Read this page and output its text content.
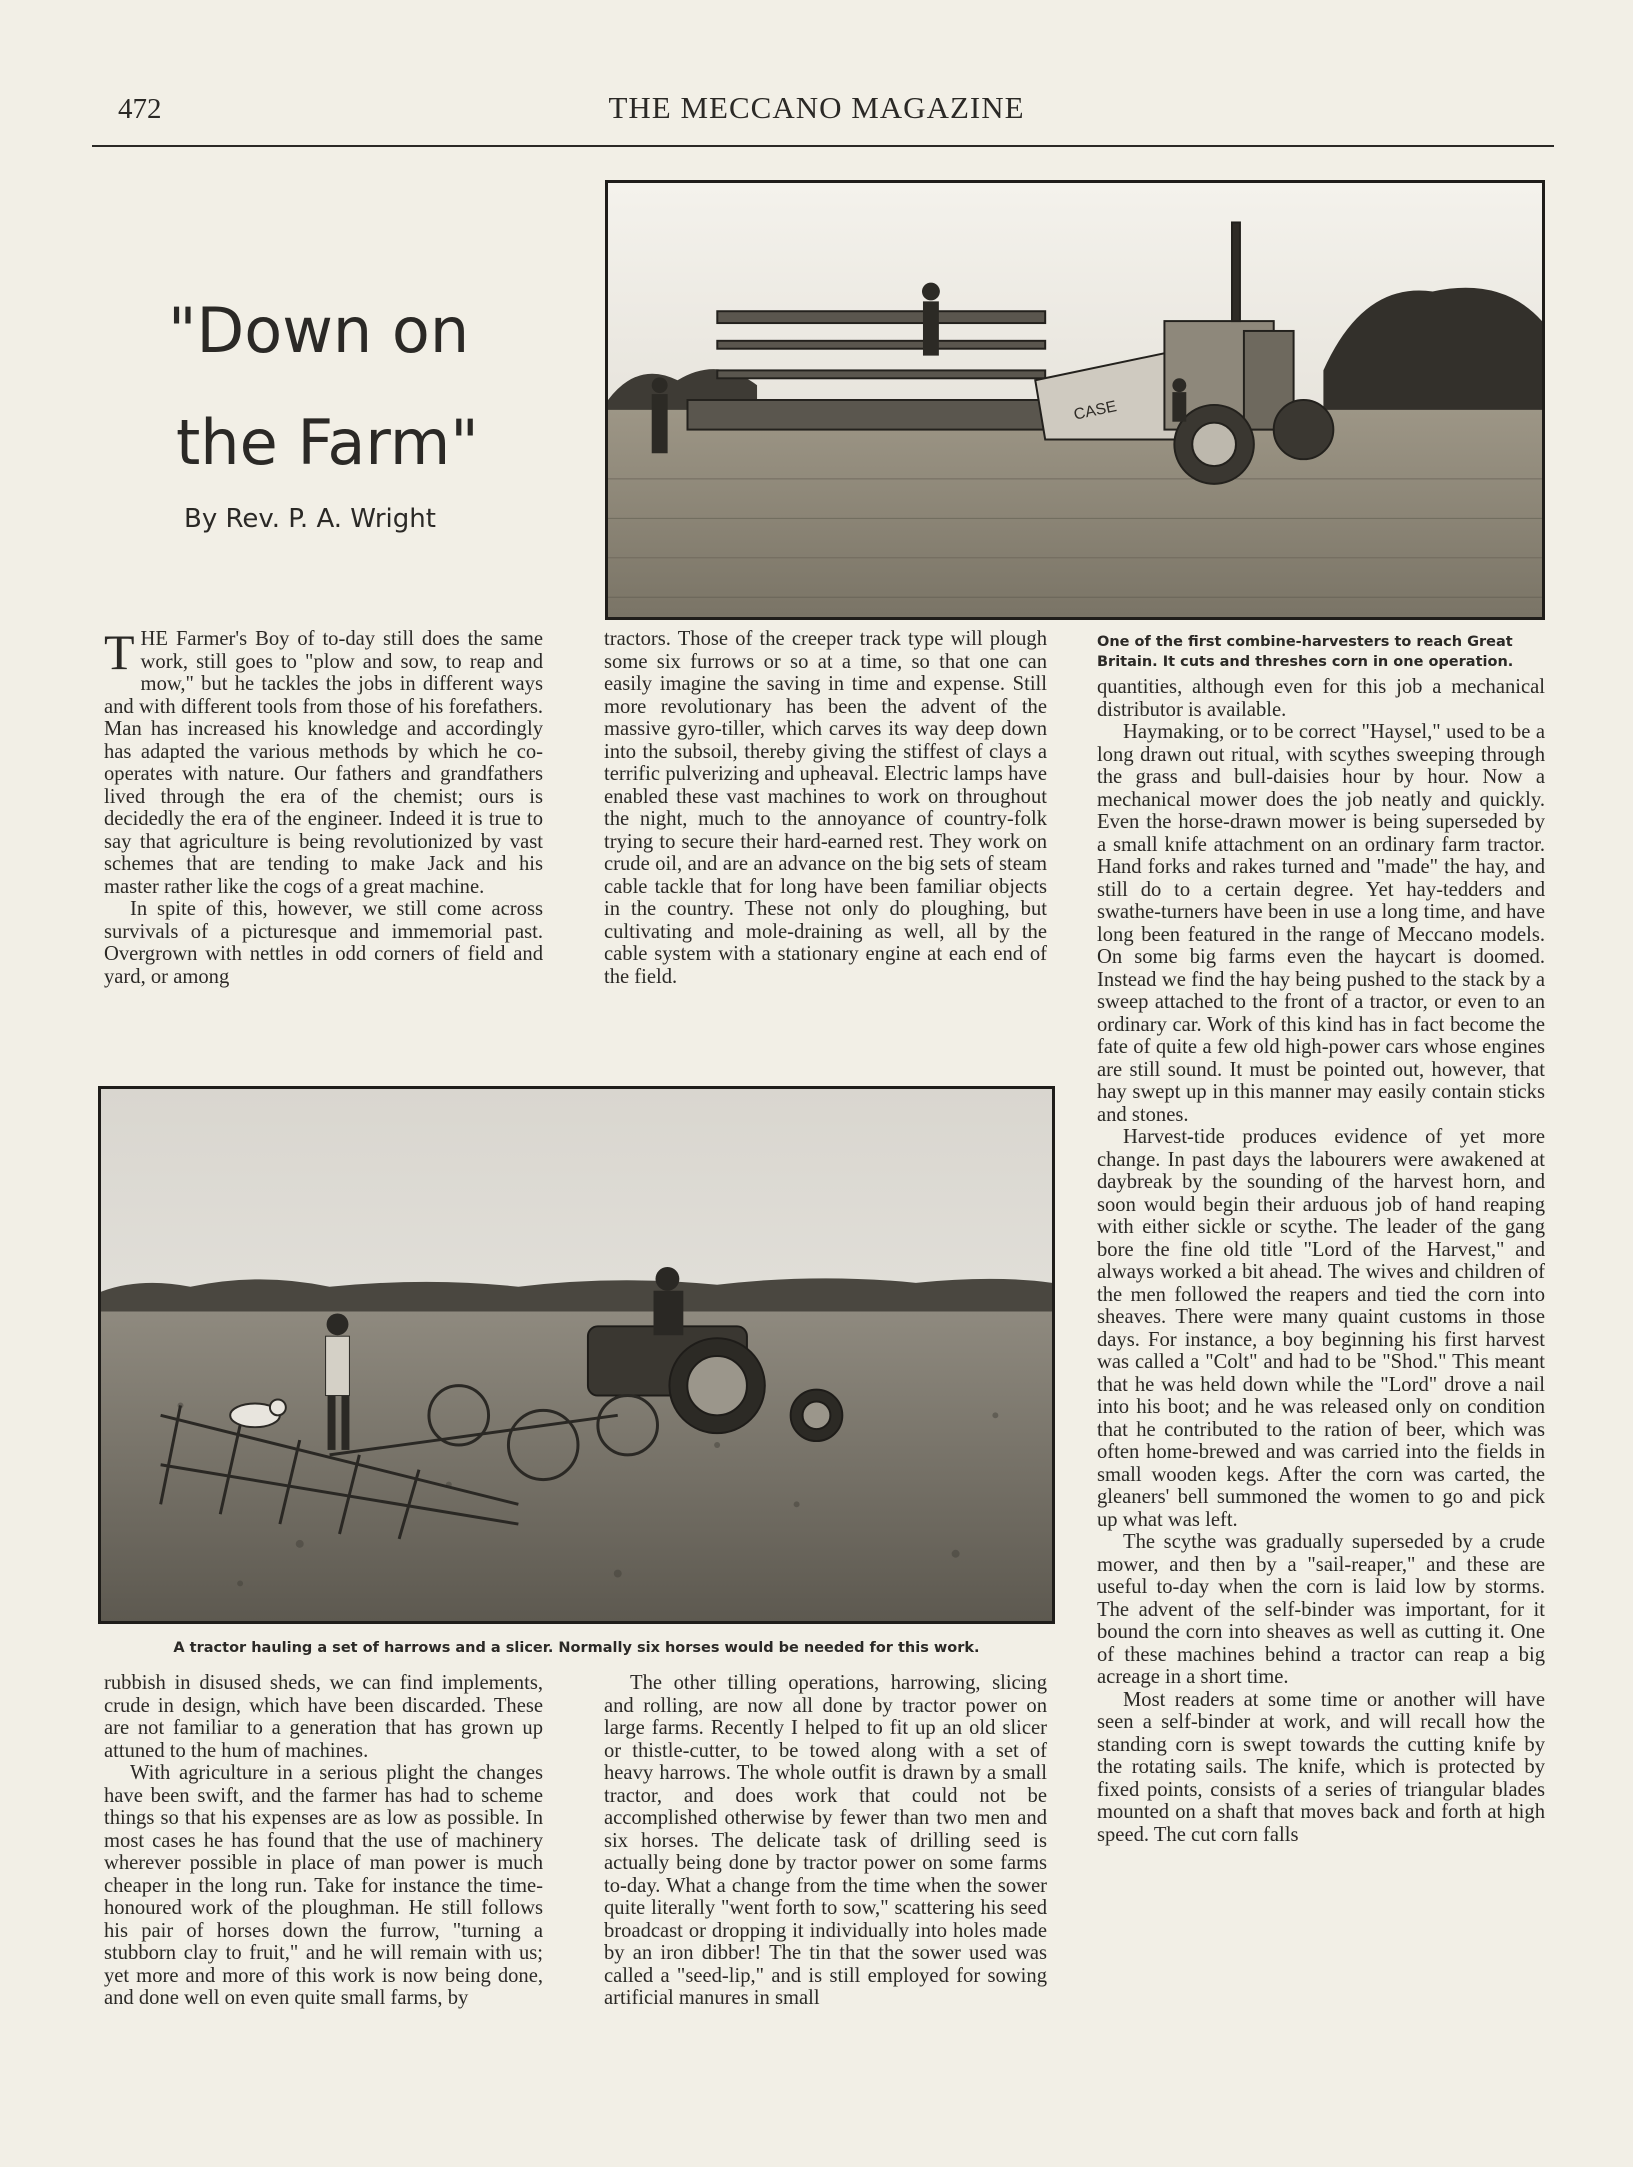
472	THE MECCANO MAGAZINE
"Down on
the Farm"
By Rev. P. A. Wright
CASE
One of the first combine-harvesters to reach Great Britain. It cuts and threshes corn in one operation.

THE Farmer's Boy of to-day still does the same work, still goes to "plow and sow, to reap and mow," but he tackles the jobs in different ways and with different tools from those of his forefathers. Man has increased his knowledge and accordingly has adapted the various methods by which he co-operates with nature. Our fathers and grandfathers lived through the era of the chemist; ours is decidedly the era of the engineer. Indeed it is true to say that agriculture is being revolutionized by vast schemes that are tending to make Jack and his master rather like the cogs of a great machine.

In spite of this, however, we still come across survivals of a picturesque and immemorial past. Overgrown with nettles in odd corners of field and yard, or among

tractors. Those of the creeper track type will plough some six furrows or so at a time, so that one can easily imagine the saving in time and expense. Still more revolutionary has been the advent of the massive gyro-tiller, which carves its way deep down into the subsoil, thereby giving the stiffest of clays a terrific pulverizing and upheaval. Electric lamps have enabled these vast machines to work on throughout the night, much to the annoyance of country-folk trying to secure their hard-earned rest. They work on crude oil, and are an advance on the big sets of steam cable tackle that for long have been familiar objects in the country. These not only do ploughing, but cultivating and mole-draining as well, all by the cable system with a stationary engine at each end of the field.

quantities, although even for this job a mechanical distributor is available.

Haymaking, or to be correct "Haysel," used to be a long drawn out ritual, with scythes sweeping through the grass and bull-daisies hour by hour. Now a mechanical mower does the job neatly and quickly. Even the horse-drawn mower is being superseded by a small knife attachment on an ordinary farm tractor. Hand forks and rakes turned and "made" the hay, and still do to a certain degree. Yet hay-tedders and swathe-turners have been in use a long time, and have long been featured in the range of Meccano models. On some big farms even the haycart is doomed. Instead we find the hay being pushed to the stack by a sweep attached to the front of a tractor, or even to an ordinary car. Work of this kind has in fact become the fate of quite a few old high-power cars whose engines are still sound. It must be pointed out, however, that hay swept up in this manner may easily contain sticks and stones.

Harvest-tide produces evidence of yet more change. In past days the labourers were awakened at daybreak by the sounding of the harvest horn, and soon would begin their arduous job of hand reaping with either sickle or scythe. The leader of the gang bore the fine old title "Lord of the Harvest," and always worked a bit ahead. The wives and children of the men followed the reapers and tied the corn into sheaves. There were many quaint customs in those days. For instance, a boy beginning his first harvest was called a "Colt" and had to be "Shod." This meant that he was held down while the "Lord" drove a nail into his boot; and he was released only on condition that he contributed to the ration of beer, which was often home-brewed and was carried into the fields in small wooden kegs. After the corn was carted, the gleaners' bell summoned the women to go and pick up what was left.

The scythe was gradually superseded by a crude mower, and then by a "sail-reaper," and these are useful to-day when the corn is laid low by storms. The advent of the self-binder was important, for it bound the corn into sheaves as well as cutting it. One of these machines behind a tractor can reap a big acreage in a short time.

Most readers at some time or another will have seen a self-binder at work, and will recall how the standing corn is swept towards the cutting knife by the rotating sails. The knife, which is protected by fixed points, consists of a series of triangular blades mounted on a shaft that moves back and forth at high speed. The cut corn falls

A tractor hauling a set of harrows and a slicer. Normally six horses would be needed for this work.

rubbish in disused sheds, we can find implements, crude in design, which have been discarded. These are not familiar to a generation that has grown up attuned to the hum of machines.

With agriculture in a serious plight the changes have been swift, and the farmer has had to scheme things so that his expenses are as low as possible. In most cases he has found that the use of machinery wherever possible in place of man power is much cheaper in the long run. Take for instance the time-honoured work of the ploughman. He still follows his pair of horses down the furrow, "turning a stubborn clay to fruit," and he will remain with us; yet more and more of this work is now being done, and done well on even quite small farms, by

The other tilling operations, harrowing, slicing and rolling, are now all done by tractor power on large farms. Recently I helped to fit up an old slicer or thistle-cutter, to be towed along with a set of heavy harrows. The whole outfit is drawn by a small tractor, and does work that could not be accomplished otherwise by fewer than two men and six horses. The delicate task of drilling seed is actually being done by tractor power on some farms to-day. What a change from the time when the sower quite literally "went forth to sow," scattering his seed broadcast or dropping it individually into holes made by an iron dibber! The tin that the sower used was called a "seed-lip," and is still employed for sowing artificial manures in small
